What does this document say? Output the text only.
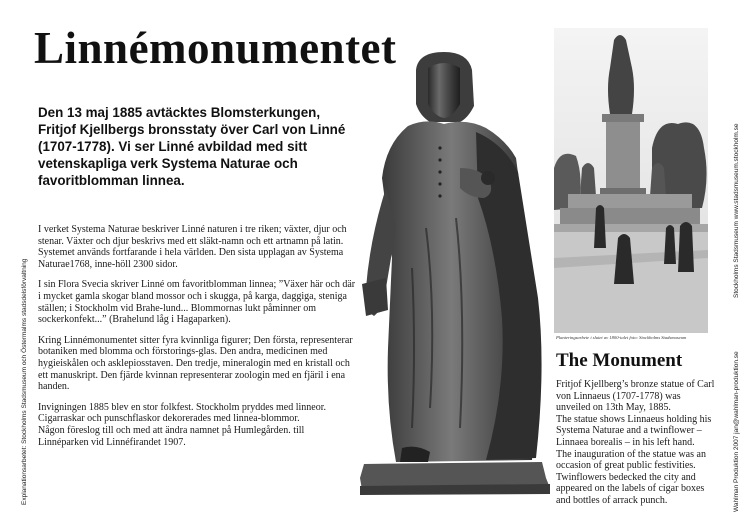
Linnémonumentet
Den 13 maj 1885 avtäcktes Blomsterkungen, Fritjof Kjellbergs bronsstaty över Carl von Linné (1707-1778). Vi ser Linné avbildad med sitt vetenskapliga verk Systema Naturae och favoritblomman linnea.

I verket Systema Naturae beskriver Linné naturen i tre riken; växter, djur och stenar. Växter och djur beskrivs med ett släkt-namn och ett artnamn på latin. Systemet används fortfarande i hela världen. Den sista upplagan av Systema Naturae1768, inne-höll 2300 sidor.

I sin Flora Svecia skriver Linné om favoritblomman linnea; ”Växer här och där i mycket gamla skogar bland mossor och i skugga, på karga, daggiga, steniga ställen; i Stockholm vid Brahe-lund... Blommornas lukt påminner om sockerkonfekt...” (Brahelund låg i Hagaparken).

Kring Linnémonumentet sitter fyra kvinnliga figurer; Den första, representerar botaniken med blomma och förstorings-glas. Den andra, medicinen med hygieiskålen och asklepiosstaven. Den tredje, mineralogin med en kristall och ett manuskript. Den fjärde kvinnan representerar zoologin med en fjäril i ena handen.

Invigningen 1885 blev en stor folkfest. Stockholm pryddes med linneor. Cigarraskar och punschflaskor dekorerades med linnea-blommor.
Någon föreslog till och med att ändra namnet på Humlegården. till Linnéparken vid Linnéfirandet 1907.

Explanationsarbetet: Stockholms Stadsmuseum och Östermalms stadsdelsförvaltning	Planteringsarbete i slutet av 1800-talet foto: Stockholms Stadsmuseum
The Monument

Fritjof Kjellberg’s bronze statue of Carl von Linnaeus (1707-1778) was unveiled on 13th May, 1885.

The statue shows Linnaeus holding his Systema Naturae and a twinflower – Linnaea borealis – in his left hand.

The inauguration of the statue was an occasion of great public festivities. Twinflowers bedecked the city and appeared on the labels of cigar boxes and bottles of arrack punch.

Stockholms Stadsmuseum www.stadsmuseum.stockholm.se
Wahlman Produktion 2007 jan@wahlman-produktion.se
